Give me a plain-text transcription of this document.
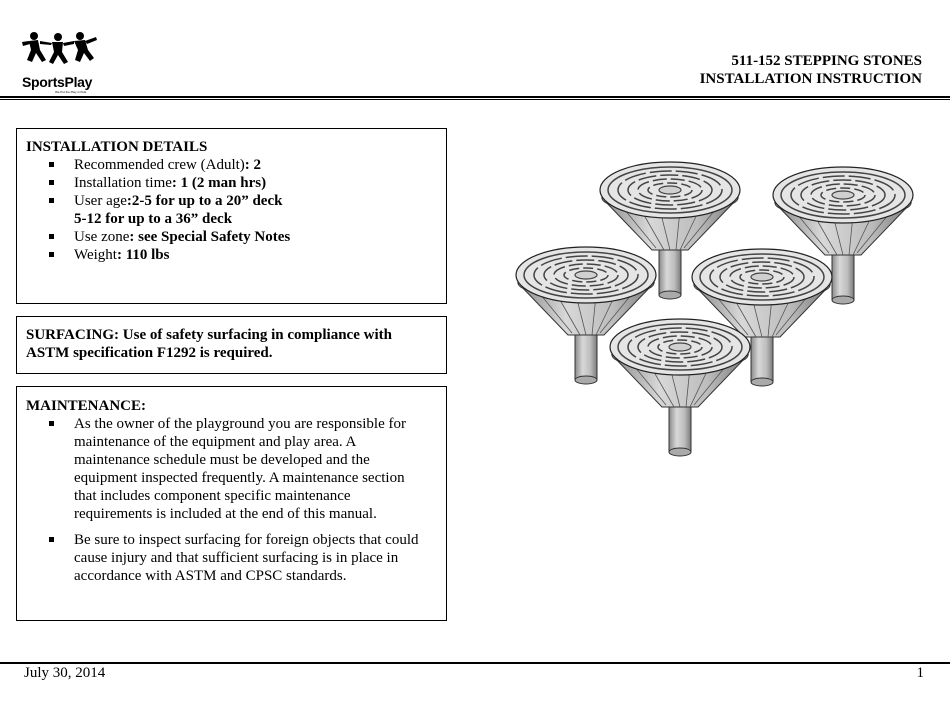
SportsPlay
We Put the Play in Kids
511-152 STEPPING STONES
INSTALLATION INSTRUCTION
INSTALLATION DETAILS
Recommended crew (Adult): 2
Installation time: 1 (2 man hrs)
User age:2-5 for up to a 20” deck
5-12 for up to a 36” deck
Use zone: see Special Safety Notes
Weight: 110 lbs
SURFACING: Use of safety surfacing in compliance with
ASTM specification F1292 is required.
MAINTENANCE:
As the owner of the playground you are responsible for
maintenance of the equipment and play area. A
maintenance schedule must be developed and the
equipment inspected frequently. A maintenance section
that includes component specific maintenance
requirements is included at the end of this manual.
Be sure to inspect surfacing for foreign objects that could
cause injury and that sufficient surfacing is in place in
accordance with ASTM and CPSC standards.
July 30, 2014	1
